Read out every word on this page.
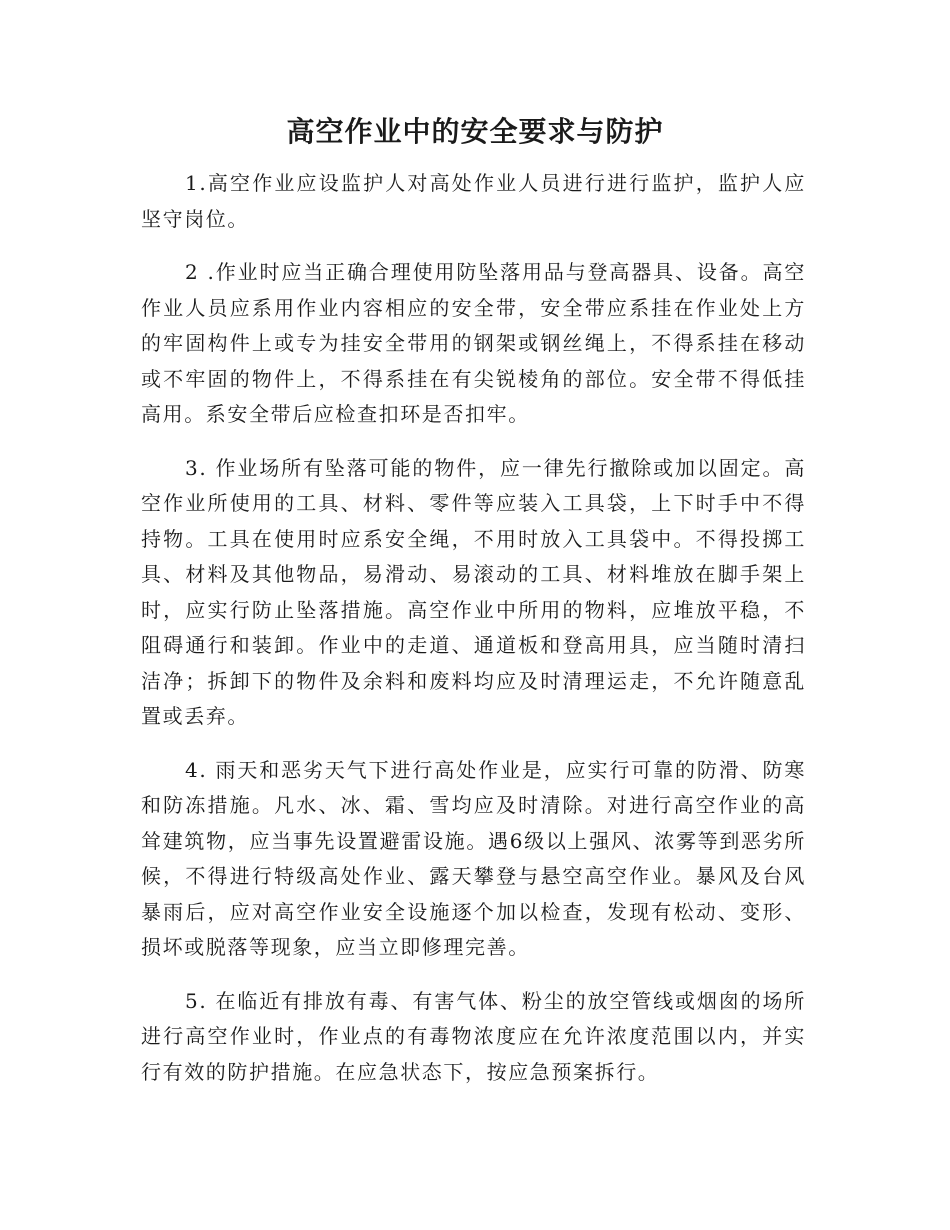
高空作业中的安全要求与防护

1.高空作业应设监护人对高处作业人员进行进行监护，监护人应坚守岗位。

2 .作业时应当正确合理使用防坠落用品与登高器具、设备。高空作业人员应系用作业内容相应的安全带，安全带应系挂在作业处上方的牢固构件上或专为挂安全带用的钢架或钢丝绳上，不得系挂在移动或不牢固的物件上，不得系挂在有尖锐棱角的部位。安全带不得低挂高用。系安全带后应检查扣环是否扣牢。

3. 作业场所有坠落可能的物件，应一律先行撤除或加以固定。高空作业所使用的工具、材料、零件等应装入工具袋，上下时手中不得持物。工具在使用时应系安全绳，不用时放入工具袋中。不得投掷工具、材料及其他物品，易滑动、易滚动的工具、材料堆放在脚手架上时，应实行防止坠落措施。高空作业中所用的物料，应堆放平稳，不阻碍通行和装卸。作业中的走道、通道板和登高用具，应当随时清扫洁净；拆卸下的物件及余料和废料均应及时清理运走，不允许随意乱置或丢弃。

4. 雨天和恶劣天气下进行高处作业是，应实行可靠的防滑、防寒和防冻措施。凡水、冰、霜、雪均应及时清除。对进行高空作业的高耸建筑物，应当事先设置避雷设施。遇6级以上强风、浓雾等到恶劣所候，不得进行特级高处作业、露天攀登与悬空高空作业。暴风及台风暴雨后，应对高空作业安全设施逐个加以检查，发现有松动、变形、损坏或脱落等现象，应当立即修理完善。

5. 在临近有排放有毒、有害气体、粉尘的放空管线或烟囱的场所进行高空作业时，作业点的有毒物浓度应在允许浓度范围以内，并实行有效的防护措施。在应急状态下，按应急预案拆行。
